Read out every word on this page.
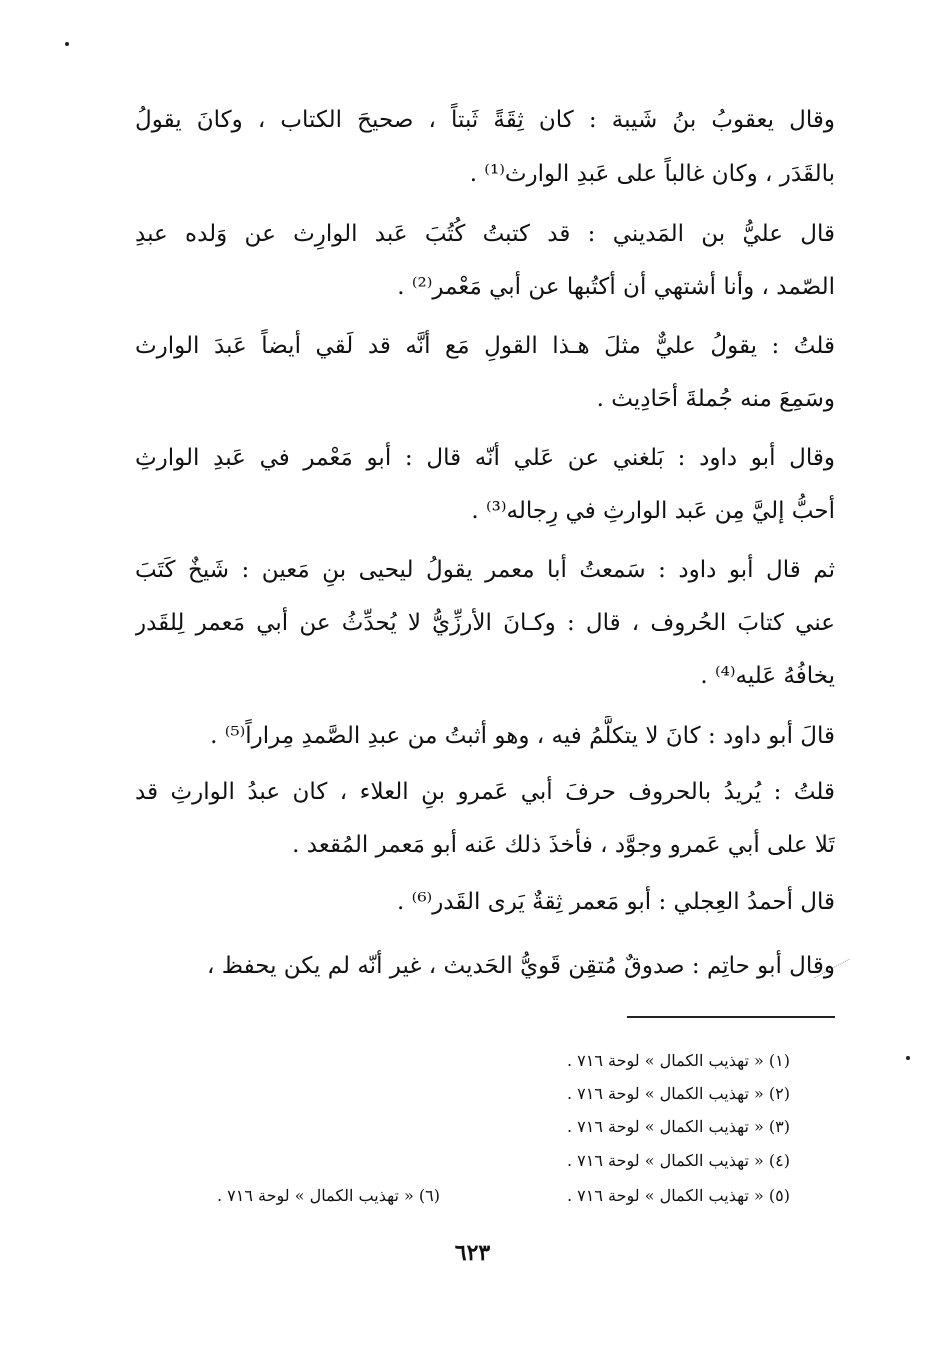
وقال يعقوبُ بنُ شَيبة : كان ثِقَةً ثَبتاً ، صحيحَ الكتاب ، وكانَ يقولُ
بالقَدَر ، وكان غالباً على عَبدِ الوارث⁽¹⁾ .
قال عليُّ بن المَديني : قد كتبتُ كُتُبَ عَبد الوارِث عن وَلده عبدِ
الصّمد ، وأنا أشتهي أن أكتُبها عن أبي مَعْمر⁽²⁾ .
قلتُ : يقولُ عليٌّ مثلَ هـذا القولِ مَع أنَّه قد لَقي أيضاً عَبدَ الوارث
وسَمِعَ منه جُملةَ أحَادِيث .
وقال أبو داود : بَلغني عن عَلي أنّه قال : أبو مَعْمر في عَبدِ الوارثِ
أحبُّ إليَّ مِن عَبد الوارثِ في رِجاله⁽³⁾ .
ثم قال أبو داود : سَمعتُ أبا معمر يقولُ ليحيى بنِ مَعين : شَيخٌ كَتَبَ
عني كتابَ الحُروف ، قال : وكـانَ الأرزِّيُّ لا يُحدِّثُ عن أبي مَعمر لِلقَدر
يخافُهُ عَليه⁽⁴⁾ .
قالَ أبو داود : كانَ لا يتكلَّمُ فيه ، وهو أثبتُ من عبدِ الصَّمدِ مِراراً⁽⁵⁾ .
قلتُ : يُريدُ بالحروف حرفَ أبي عَمرو بنِ العلاء ، كان عبدُ الوارثِ قد
تَلا على أبي عَمرو وجوَّد ، فأخذَ ذلك عَنه أبو مَعمر المُقعد .
قال أحمدُ العِجلي : أبو مَعمر ثِقةٌ يَرى القَدر⁽⁶⁾ .
وقال أبو حاتِم : صدوقٌ مُتقِن قَويُّ الحَديث ، غير أنّه لم يكن يحفظ ،
(١) « تهذيب الكمال » لوحة ٧١٦ .
(٢) « تهذيب الكمال » لوحة ٧١٦ .
(٣) « تهذيب الكمال » لوحة ٧١٦ .
(٤) « تهذيب الكمال » لوحة ٧١٦ .
(٥) « تهذيب الكمال » لوحة ٧١٦ .
(٦) « تهذيب الكمال » لوحة ٧١٦ .
٦٢٣
